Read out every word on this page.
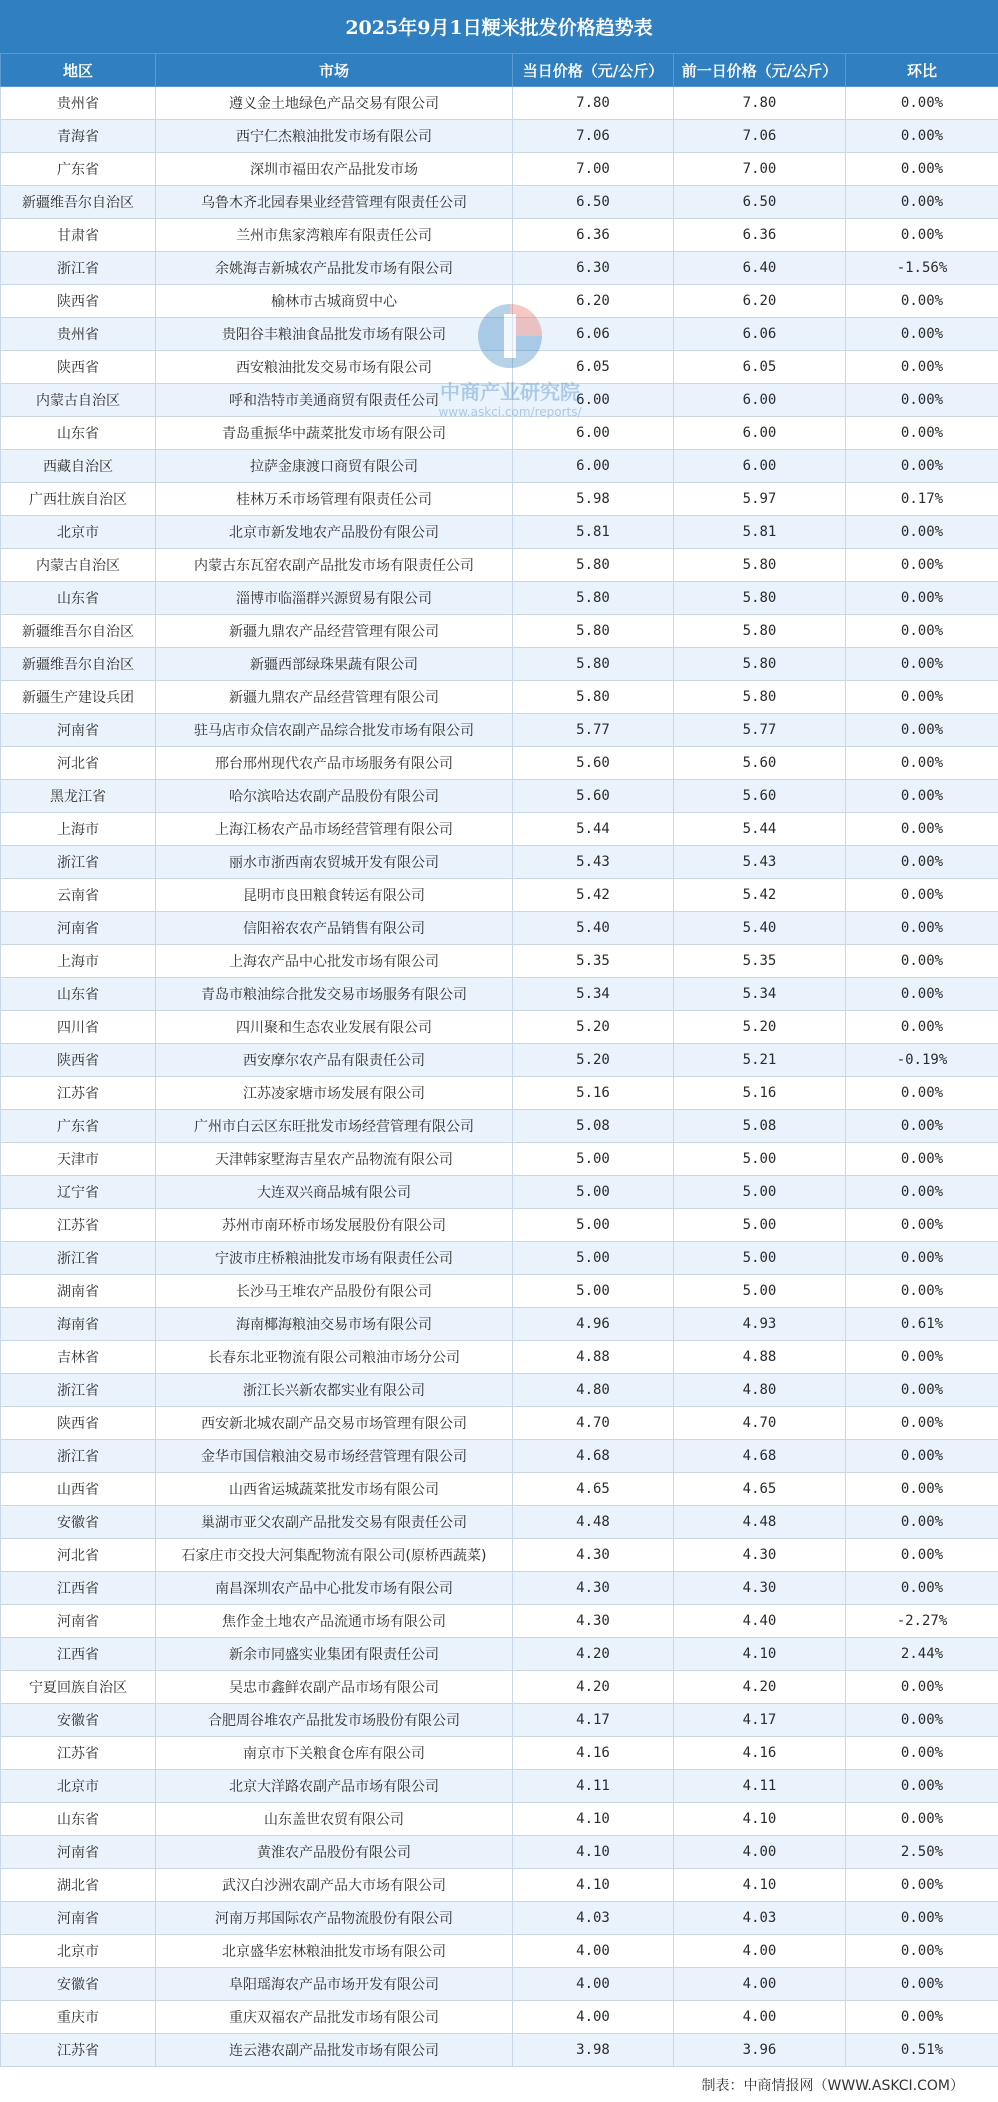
2025年9月1日粳米批发价格趋势表
地区	市场	当日价格（元/公斤）	前一日价格（元/公斤）	环比
贵州省	遵义金土地绿色产品交易有限公司	7.80	7.80	0.00%
青海省	西宁仁杰粮油批发市场有限公司	7.06	7.06	0.00%
广东省	深圳市福田农产品批发市场	7.00	7.00	0.00%
新疆维吾尔自治区	乌鲁木齐北园春果业经营管理有限责任公司	6.50	6.50	0.00%
甘肃省	兰州市焦家湾粮库有限责任公司	6.36	6.36	0.00%
浙江省	余姚海吉新城农产品批发市场有限公司	6.30	6.40	-1.56%
陕西省	榆林市古城商贸中心	6.20	6.20	0.00%
贵州省	贵阳谷丰粮油食品批发市场有限公司	6.06	6.06	0.00%
陕西省	西安粮油批发交易市场有限公司	6.05	6.05	0.00%
内蒙古自治区	呼和浩特市美通商贸有限责任公司	6.00	6.00	0.00%
山东省	青岛重振华中蔬菜批发市场有限公司	6.00	6.00	0.00%
西藏自治区	拉萨金康渡口商贸有限公司	6.00	6.00	0.00%
广西壮族自治区	桂林万禾市场管理有限责任公司	5.98	5.97	0.17%
北京市	北京市新发地农产品股份有限公司	5.81	5.81	0.00%
内蒙古自治区	内蒙古东瓦窑农副产品批发市场有限责任公司	5.80	5.80	0.00%
山东省	淄博市临淄群兴源贸易有限公司	5.80	5.80	0.00%
新疆维吾尔自治区	新疆九鼎农产品经营管理有限公司	5.80	5.80	0.00%
新疆维吾尔自治区	新疆西部绿珠果蔬有限公司	5.80	5.80	0.00%
新疆生产建设兵团	新疆九鼎农产品经营管理有限公司	5.80	5.80	0.00%
河南省	驻马店市众信农副产品综合批发市场有限公司	5.77	5.77	0.00%
河北省	邢台邢州现代农产品市场服务有限公司	5.60	5.60	0.00%
黑龙江省	哈尔滨哈达农副产品股份有限公司	5.60	5.60	0.00%
上海市	上海江杨农产品市场经营管理有限公司	5.44	5.44	0.00%
浙江省	丽水市浙西南农贸城开发有限公司	5.43	5.43	0.00%
云南省	昆明市良田粮食转运有限公司	5.42	5.42	0.00%
河南省	信阳裕农农产品销售有限公司	5.40	5.40	0.00%
上海市	上海农产品中心批发市场有限公司	5.35	5.35	0.00%
山东省	青岛市粮油综合批发交易市场服务有限公司	5.34	5.34	0.00%
四川省	四川聚和生态农业发展有限公司	5.20	5.20	0.00%
陕西省	西安摩尔农产品有限责任公司	5.20	5.21	-0.19%
江苏省	江苏凌家塘市场发展有限公司	5.16	5.16	0.00%
广东省	广州市白云区东旺批发市场经营管理有限公司	5.08	5.08	0.00%
天津市	天津韩家墅海吉星农产品物流有限公司	5.00	5.00	0.00%
辽宁省	大连双兴商品城有限公司	5.00	5.00	0.00%
江苏省	苏州市南环桥市场发展股份有限公司	5.00	5.00	0.00%
浙江省	宁波市庄桥粮油批发市场有限责任公司	5.00	5.00	0.00%
湖南省	长沙马王堆农产品股份有限公司	5.00	5.00	0.00%
海南省	海南椰海粮油交易市场有限公司	4.96	4.93	0.61%
吉林省	长春东北亚物流有限公司粮油市场分公司	4.88	4.88	0.00%
浙江省	浙江长兴新农都实业有限公司	4.80	4.80	0.00%
陕西省	西安新北城农副产品交易市场管理有限公司	4.70	4.70	0.00%
浙江省	金华市国信粮油交易市场经营管理有限公司	4.68	4.68	0.00%
山西省	山西省运城蔬菜批发市场有限公司	4.65	4.65	0.00%
安徽省	巢湖市亚父农副产品批发交易有限责任公司	4.48	4.48	0.00%
河北省	石家庄市交投大河集配物流有限公司(原桥西蔬菜)	4.30	4.30	0.00%
江西省	南昌深圳农产品中心批发市场有限公司	4.30	4.30	0.00%
河南省	焦作金土地农产品流通市场有限公司	4.30	4.40	-2.27%
江西省	新余市同盛实业集团有限责任公司	4.20	4.10	2.44%
宁夏回族自治区	吴忠市鑫鲜农副产品市场有限公司	4.20	4.20	0.00%
安徽省	合肥周谷堆农产品批发市场股份有限公司	4.17	4.17	0.00%
江苏省	南京市下关粮食仓库有限公司	4.16	4.16	0.00%
北京市	北京大洋路农副产品市场有限公司	4.11	4.11	0.00%
山东省	山东盖世农贸有限公司	4.10	4.10	0.00%
河南省	黄淮农产品股份有限公司	4.10	4.00	2.50%
湖北省	武汉白沙洲农副产品大市场有限公司	4.10	4.10	0.00%
河南省	河南万邦国际农产品物流股份有限公司	4.03	4.03	0.00%
北京市	北京盛华宏林粮油批发市场有限公司	4.00	4.00	0.00%
安徽省	阜阳瑶海农产品市场开发有限公司	4.00	4.00	0.00%
重庆市	重庆双福农产品批发市场有限公司	4.00	4.00	0.00%
江苏省	连云港农副产品批发市场有限公司	3.98	3.96	0.51%
中商产业研究院
www.askci.com/reports/
制表：中商情报网（WWW.ASKCI.COM）
